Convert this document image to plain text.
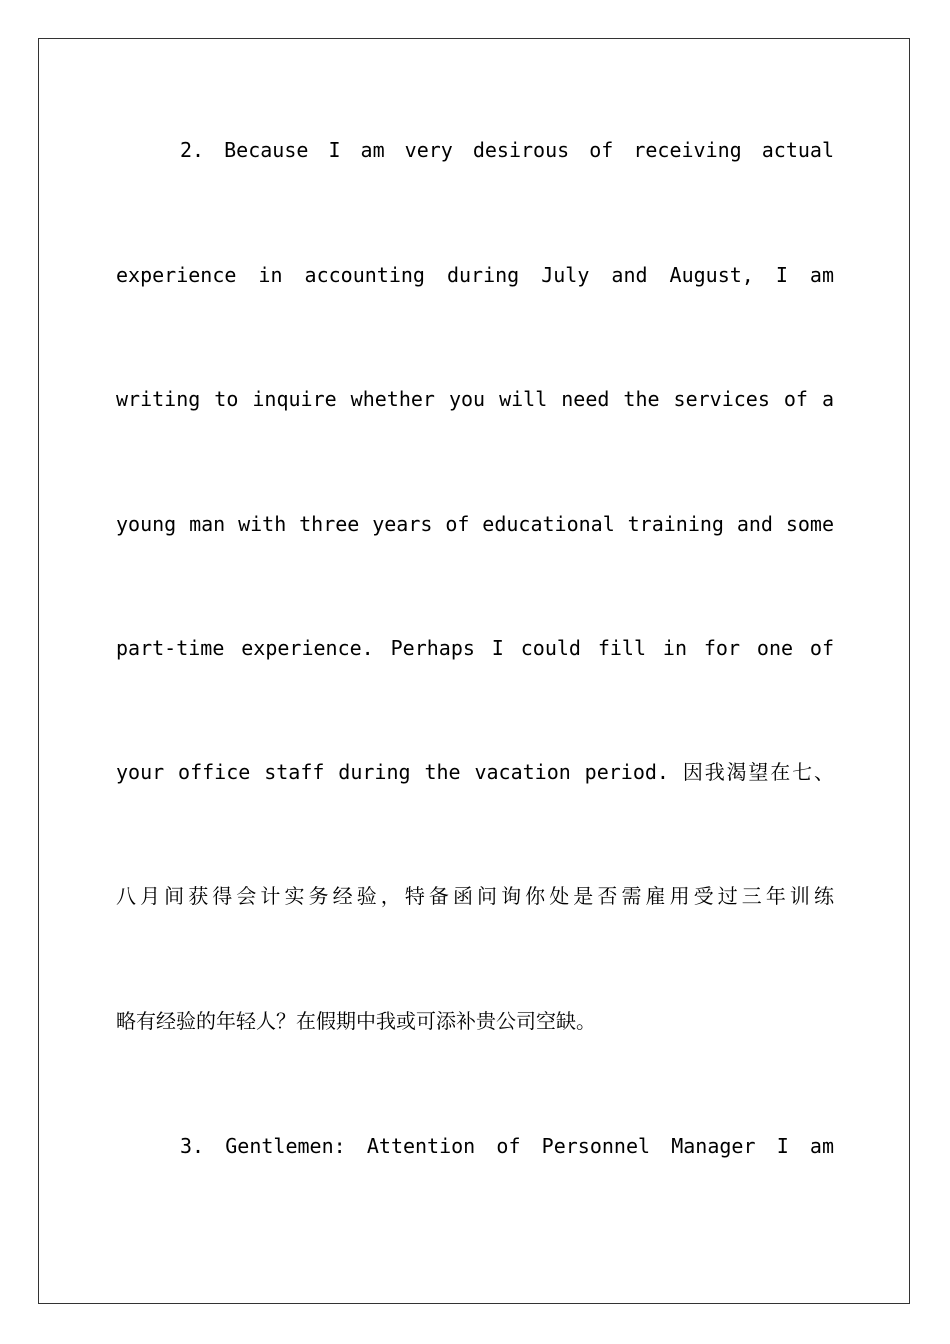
2. Because I am very desirous of receiving actual
experience in accounting during July and August, I am
writing to inquire whether you will need the services of a
young man with three years of educational training and some
part-time experience. Perhaps I could fill in for one of
your office staff during the vacation period. 因我渴望在七、
八月间获得会计实务经验，特备函问询你处是否需雇用受过三年训练
略有经验的年轻人？在假期中我或可添补贵公司空缺。
3. Gentlemen: Attention of Personnel Manager I am
